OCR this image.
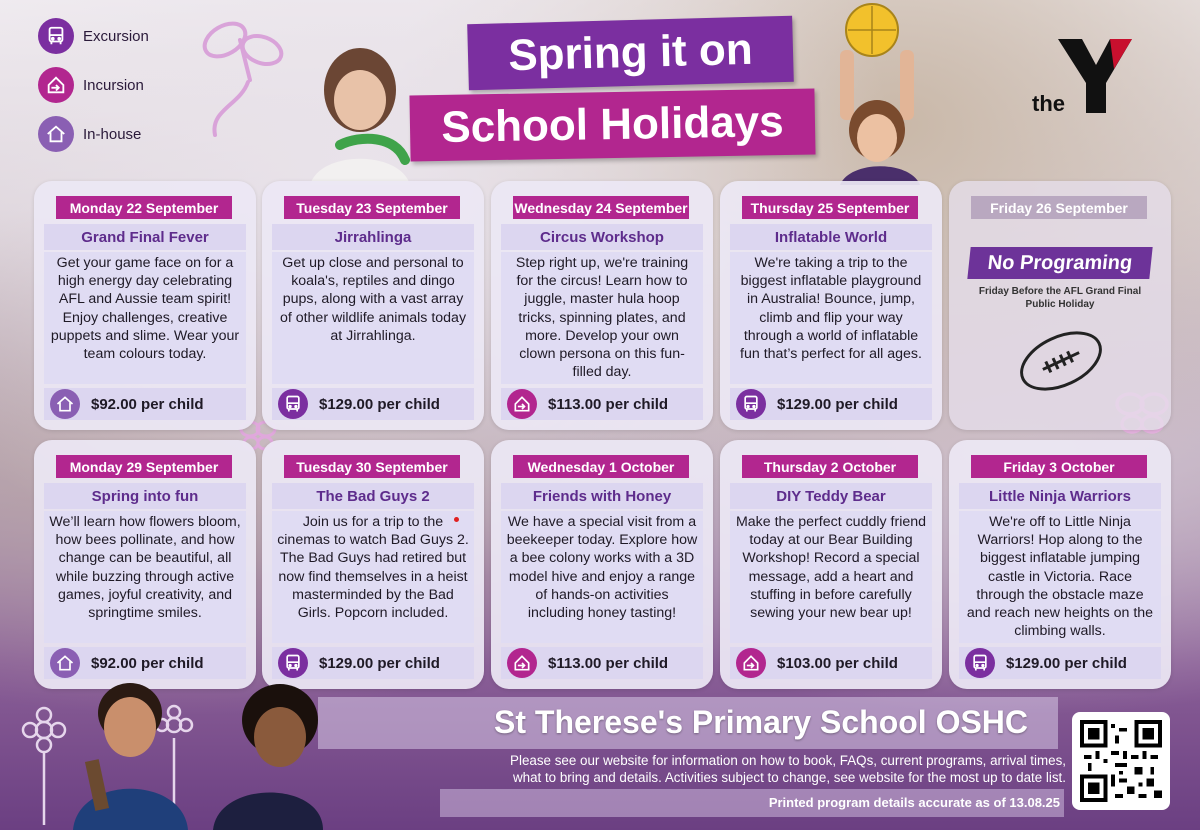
Excursion
Incursion
In-house
Spring it on
School Holidays	the
Monday 22 September
Grand Final Fever
Get your game face on for a high energy day celebrating AFL and Aussie team spirit! Enjoy challenges, creative puppets and slime. Wear your team colours today.
$92.00 per child
Tuesday 23 September
Jirrahlinga
Get up close and personal to koala's, reptiles and dingo pups, along with a vast array of other wildlife animals today at Jirrahlinga.
$129.00 per child
Wednesday 24 September
Circus Workshop
Step right up, we're training for the circus! Learn how to juggle, master hula hoop tricks, spinning plates, and more. Develop your own clown persona on this fun-filled day.
$113.00 per child
Thursday 25 September
Inflatable World
We're taking a trip to the biggest inflatable playground in Australia! Bounce, jump, climb and flip your way through a world of inflatable fun that’s perfect for all ages.
$129.00 per child
Friday 26 September
No Programing
Friday Before the AFL Grand Final Public Holiday
Monday 29 September
Spring into fun
We’ll learn how flowers bloom, how bees pollinate, and how change can be beautiful, all while buzzing through active games, joyful creativity, and springtime smiles.
$92.00 per child
Tuesday 30 September
The Bad Guys 2
Join us for a trip to the cinemas to watch Bad Guys 2. The Bad Guys had retired but now find themselves in a heist masterminded by the Bad Girls. Popcorn included.
$129.00 per child
Wednesday 1 October
Friends with Honey
We have a special visit from a beekeeper today. Explore how a bee colony works with a 3D model hive and enjoy a range of hands-on activities including honey tasting!
$113.00 per child
Thursday 2 October
DIY Teddy Bear
Make the perfect cuddly friend today at our Bear Building Workshop! Record a special message, add a heart and stuffing in before carefully sewing your new bear up!
$103.00 per child
Friday 3 October
Little Ninja Warriors
We're off to Little Ninja Warriors! Hop along to the biggest inflatable jumping castle in Victoria. Race through the obstacle maze and reach new heights on the climbing walls.
$129.00 per child
St Therese's Primary School OSHC
Please see our website for information on how to book, FAQs, current programs, arrival times,
what to bring and details. Activities subject to change, see website for the most up to date list.
Printed program details accurate as of 13.08.25
